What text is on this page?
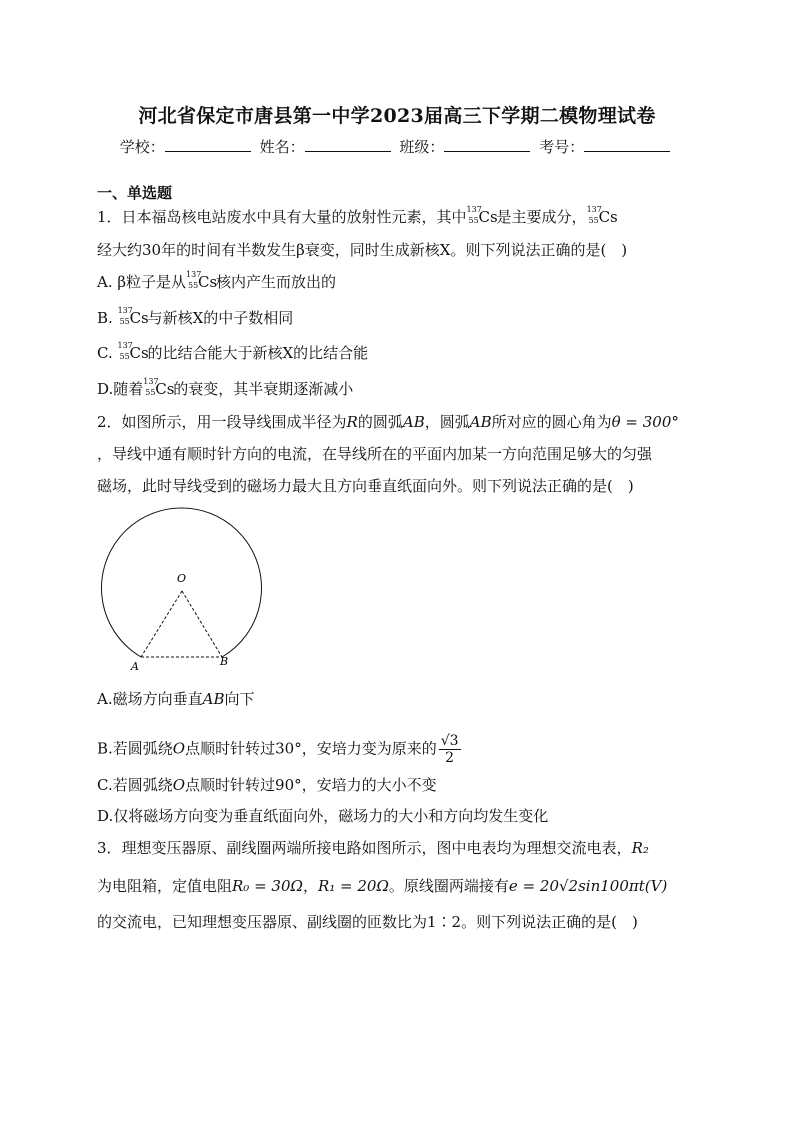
河北省保定市唐县第一中学2023届高三下学期二模物理试卷
学校：	姓名：	班级：	考号：
一、单选题
1．日本福岛核电站废水中具有大量的放射性元素，其中 137
55 Cs
是主要成分， 137
55 Cs
经大约30年的时间有半数发生β衰变，同时生成新核X。则下列说法正确的是(　)
A. β粒子是从 137
55 Cs
核内产生而放出的
B. 137
55 Cs
与新核X的中子数相同
C. 137
55 Cs
的比结合能大于新核X的比结合能
D.随着 137
55 Cs
的衰变，其半衰期逐渐减小
2．如图所示，用一段导线围成半径为R的圆弧AB，圆弧AB所对应的圆心角为θ = 300°
，导线中通有顺时针方向的电流，在导线所在的平面内加某一方向范围足够大的匀强
磁场，此时导线受到的磁场力最大且方向垂直纸面向外。则下列说法正确的是(　)
O
A	B
A.磁场方向垂直AB向下
B.若圆弧绕O点顺时针转过30°，安培力变为原来的 $\frac{√3}{2}$
C.若圆弧绕O点顺时针转过90°，安培力的大小不变
D.仅将磁场方向变为垂直纸面向外，磁场力的大小和方向均发生变化
3．理想变压器原、副线圈两端所接电路如图所示，图中电表均为理想交流电表，R₂
为电阻箱，定值电阻R₀ = 30Ω，R₁ = 20Ω。原线圈两端接有e = 20√2sin100πt(V)
的交流电，已知理想变压器原、副线圈的匝数比为1∶2。则下列说法正确的是(　)
